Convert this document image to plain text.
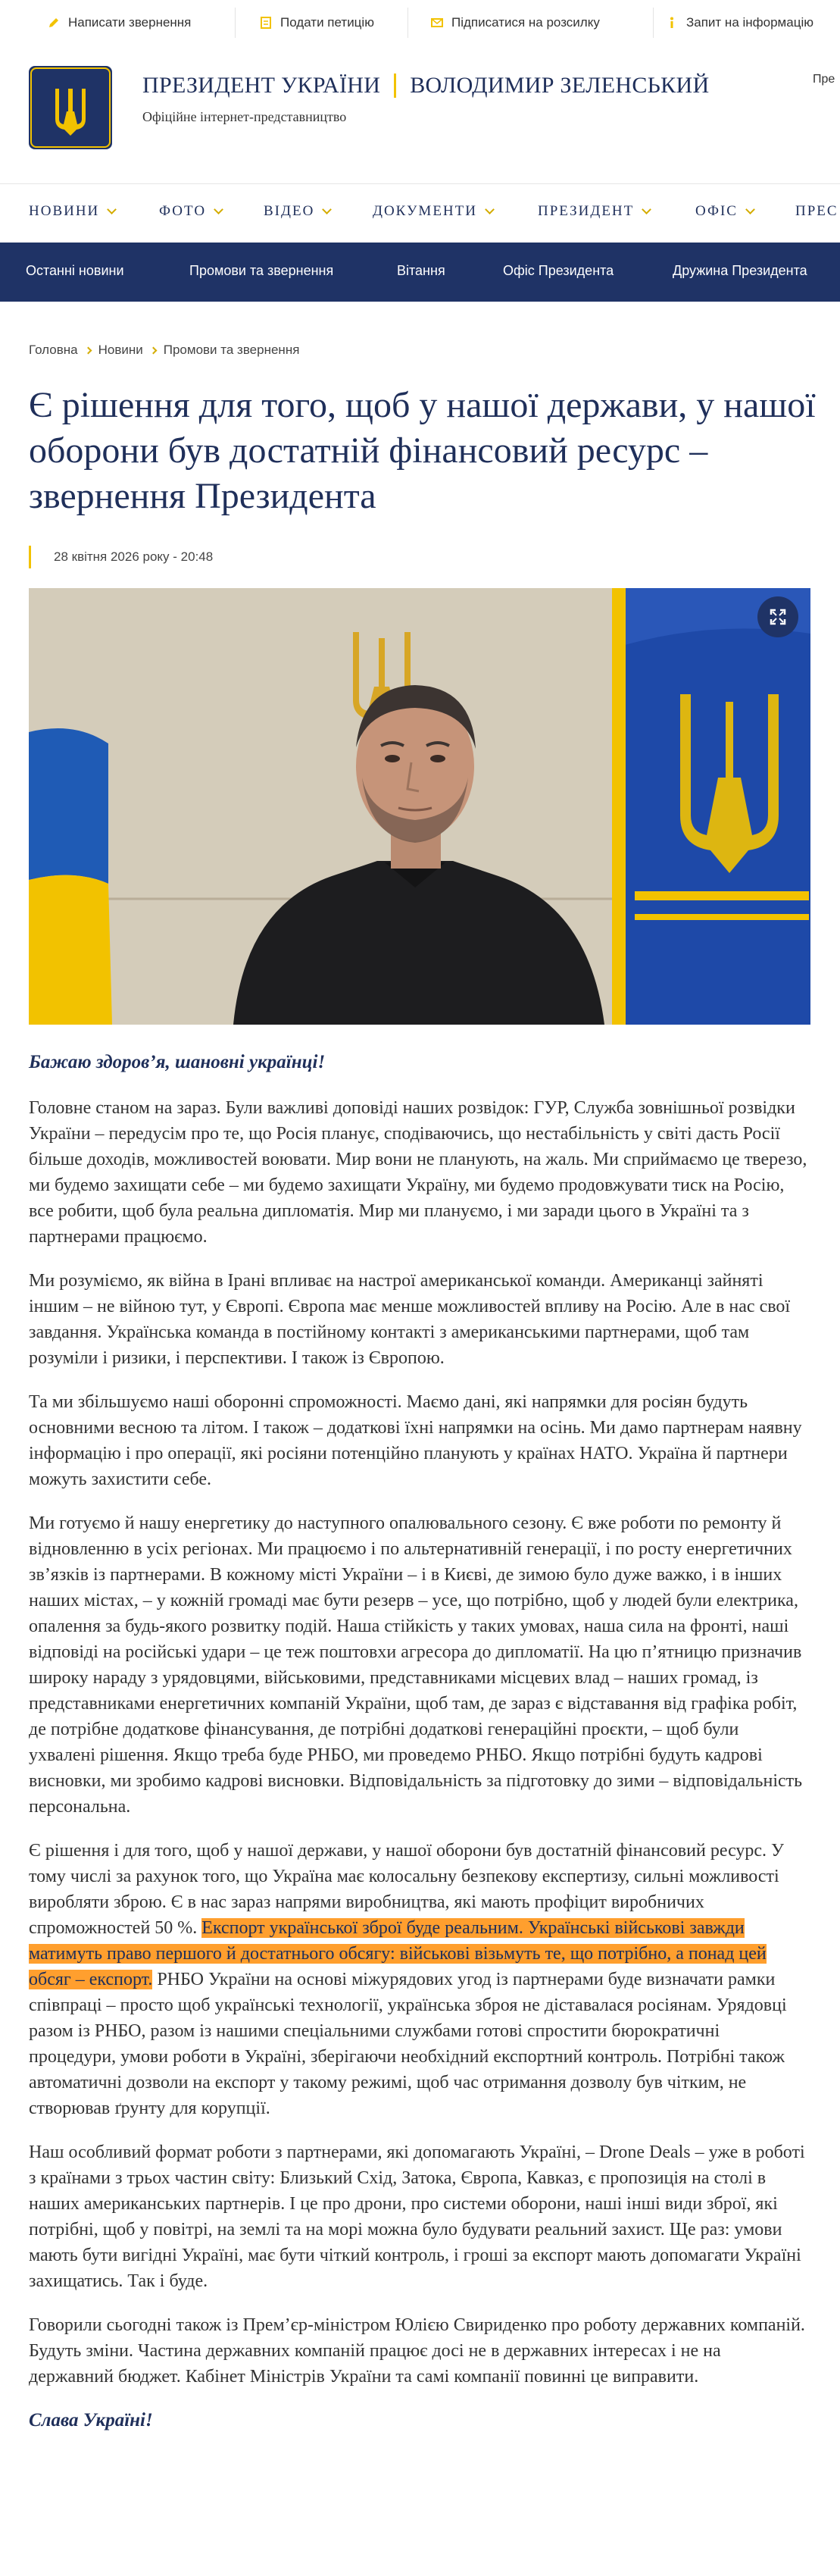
Написати звернення	Подати петицію	Підписатися на розсилку	Запит на інформацію
ПРЕЗИДЕНТ УКРАЇНИ ВОЛОДИМИР ЗЕЛЕНСЬКИЙ
Офіційне інтернет-представництво
Пре
НОВИНИ	ФОТО	ВІДЕО	ДОКУМЕНТИ	ПРЕЗИДЕНТ	ОФІС	ПРЕС
Останні новини	Промови та звернення	Вітання	Офіс Президента	Дружина Президента
Головна Новини Промови та звернення
Є рішення для того, щоб у нашої держави, у нашої оборони був достатній фінансовий ресурс – звернення Президента
28 квітня 2026 року - 20:48

Бажаю здоров’я, шановні українці!

Головне станом на зараз. Були важливі доповіді наших розвідок: ГУР, Служба зовнішньої розвідки України – передусім про те, що Росія планує, сподіваючись, що нестабільність у світі дасть Росії більше доходів, можливостей воювати. Мир вони не планують, на жаль. Ми сприймаємо це тверезо, ми будемо захищати себе – ми будемо захищати Україну, ми будемо продовжувати тиск на Росію, все робити, щоб була реальна дипломатія. Мир ми плануємо, і ми заради цього в Україні та з партнерами працюємо.

Ми розуміємо, як війна в Ірані впливає на настрої американської команди. Американці зайняті іншим – не війною тут, у Європі. Європа має менше можливостей впливу на Росію. Але в нас свої завдання. Українська команда в постійному контакті з американськими партнерами, щоб там розуміли і ризики, і перспективи. І також із Європою.

Та ми збільшуємо наші оборонні спроможності. Маємо дані, які напрямки для росіян будуть основними весною та літом. І також – додаткові їхні напрямки на осінь. Ми дамо партнерам наявну інформацію і про операції, які росіяни потенційно планують у країнах НАТО. Україна й партнери можуть захистити себе.

Ми готуємо й нашу енергетику до наступного опалювального сезону. Є вже роботи по ремонту й відновленню в усіх регіонах. Ми працюємо і по альтернативній генерації, і по росту енергетичних зв’язків із партнерами. В кожному місті України – і в Києві, де зимою було дуже важко, і в інших наших містах, – у кожній громаді має бути резерв – усе, що потрібно, щоб у людей були електрика, опалення за будь-якого розвитку подій. Наша стійкість у таких умовах, наша сила на фронті, наші відповіді на російські удари – це теж поштовхи агресора до дипломатії. На цю п’ятницю призначив широку нараду з урядовцями, військовими, представниками місцевих влад – наших громад, із представниками енергетичних компаній України, щоб там, де зараз є відставання від графіка робіт, де потрібне додаткове фінансування, де потрібні додаткові генераційні проєкти, – щоб були ухвалені рішення. Якщо треба буде РНБО, ми проведемо РНБО. Якщо потрібні будуть кадрові висновки, ми зробимо кадрові висновки. Відповідальність за підготовку до зими – відповідальність персональна.

Є рішення і для того, щоб у нашої держави, у нашої оборони був достатній фінансовий ресурс. У тому числі за рахунок того, що Україна має колосальну безпекову експертизу, сильні можливості виробляти зброю. Є в нас зараз напрями виробництва, які мають профіцит виробничих спроможностей 50 %. Експорт української зброї буде реальним. Українські військові завжди матимуть право першого й достатнього обсягу: військові візьмуть те, що потрібно, а понад цей обсяг – експорт. РНБО України на основі міжурядових угод із партнерами буде визначати рамки співпраці – просто щоб українські технології, українська зброя не діставалася росіянам. Урядовці разом із РНБО, разом із нашими спеціальними службами готові спростити бюрократичні процедури, умови роботи в Україні, зберігаючи необхідний експортний контроль. Потрібні також автоматичні дозволи на експорт у такому режимі, щоб час отримання дозволу був чітким, не створював ґрунту для корупції.

Наш особливий формат роботи з партнерами, які допомагають Україні, – Drone Deals – уже в роботі з країнами з трьох частин світу: Близький Схід, Затока, Європа, Кавказ, є пропозиція на столі в наших американських партнерів. І це про дрони, про системи оборони, наші інші види зброї, які потрібні, щоб у повітрі, на землі та на морі можна було будувати реальний захист. Ще раз: умови мають бути вигідні Україні, має бути чіткий контроль, і гроші за експорт мають допомагати Україні захищатись. Так і буде.

Говорили сьогодні також із Прем’єр-міністром Юлією Свириденко про роботу державних компаній. Будуть зміни. Частина державних компаній працює досі не в державних інтересах і не на державний бюджет. Кабінет Міністрів України та самі компанії повинні це виправити.

Слава Україні!
